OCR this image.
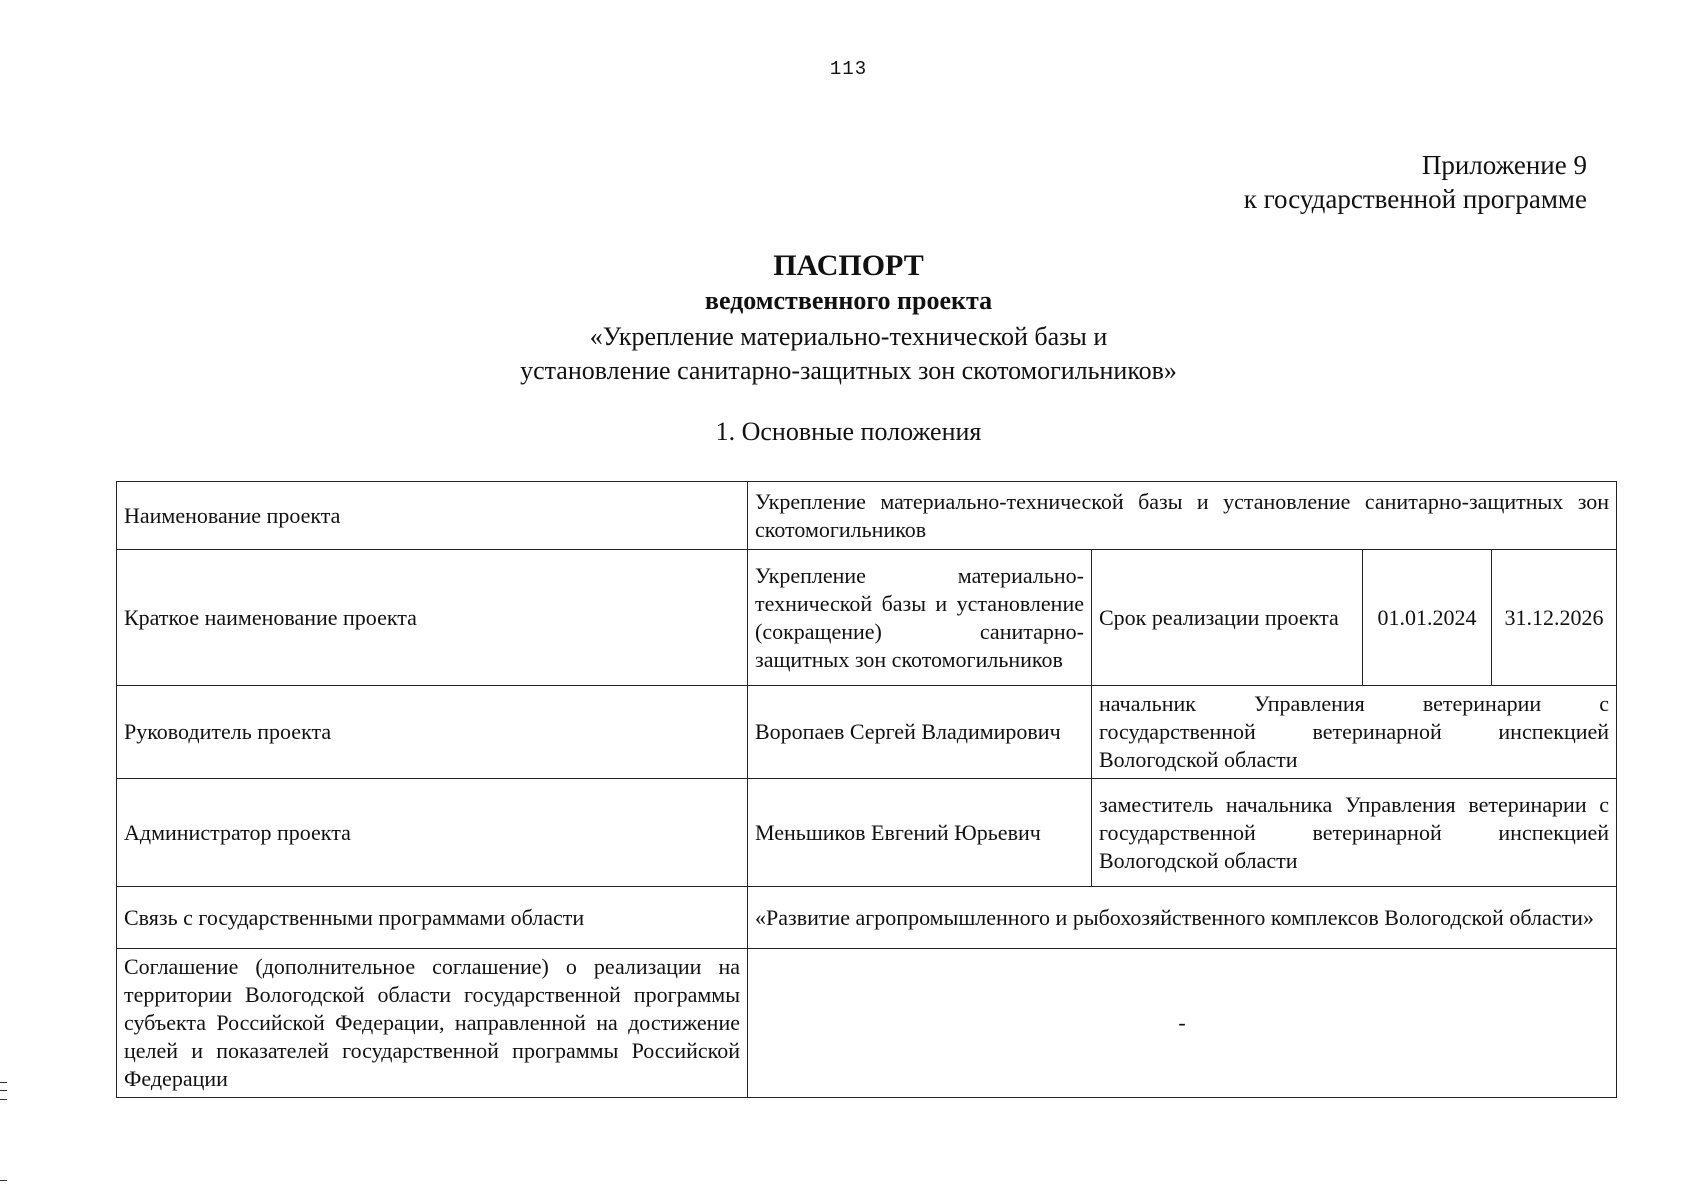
113
Приложение 9
к государственной программе
ПАСПОРТ
ведомственного проекта
«Укрепление материально-технической базы и
установление санитарно-защитных зон скотомогильников»
1. Основные положения
Наименование проекта	Укрепление материально-технической базы и установление санитарно-защитных зон скотомогильников			
Краткое наименование проекта	Укрепление материально-технической базы и установление (сокращение) санитарно-защитных зон скотомогильников	Срок реализации проекта	01.01.2024	31.12.2026
Руководитель проекта	Воропаев Сергей Владимирович	начальник Управления ветеринарии с государственной ветеринарной инспекцией Вологодской области		
Администратор проекта	Меньшиков Евгений Юрьевич	заместитель начальника Управления ветеринарии с государственной ветеринарной инспекцией Вологодской области		
Связь с государственными программами области	«Развитие агропромышленного и рыбохозяйственного комплексов Вологодской области»			
Соглашение (дополнительное соглашение) о реализации на территории Вологодской области государственной программы субъекта Российской Федерации, направленной на достижение целей и показателей государственной программы Российской Федерации	-			
